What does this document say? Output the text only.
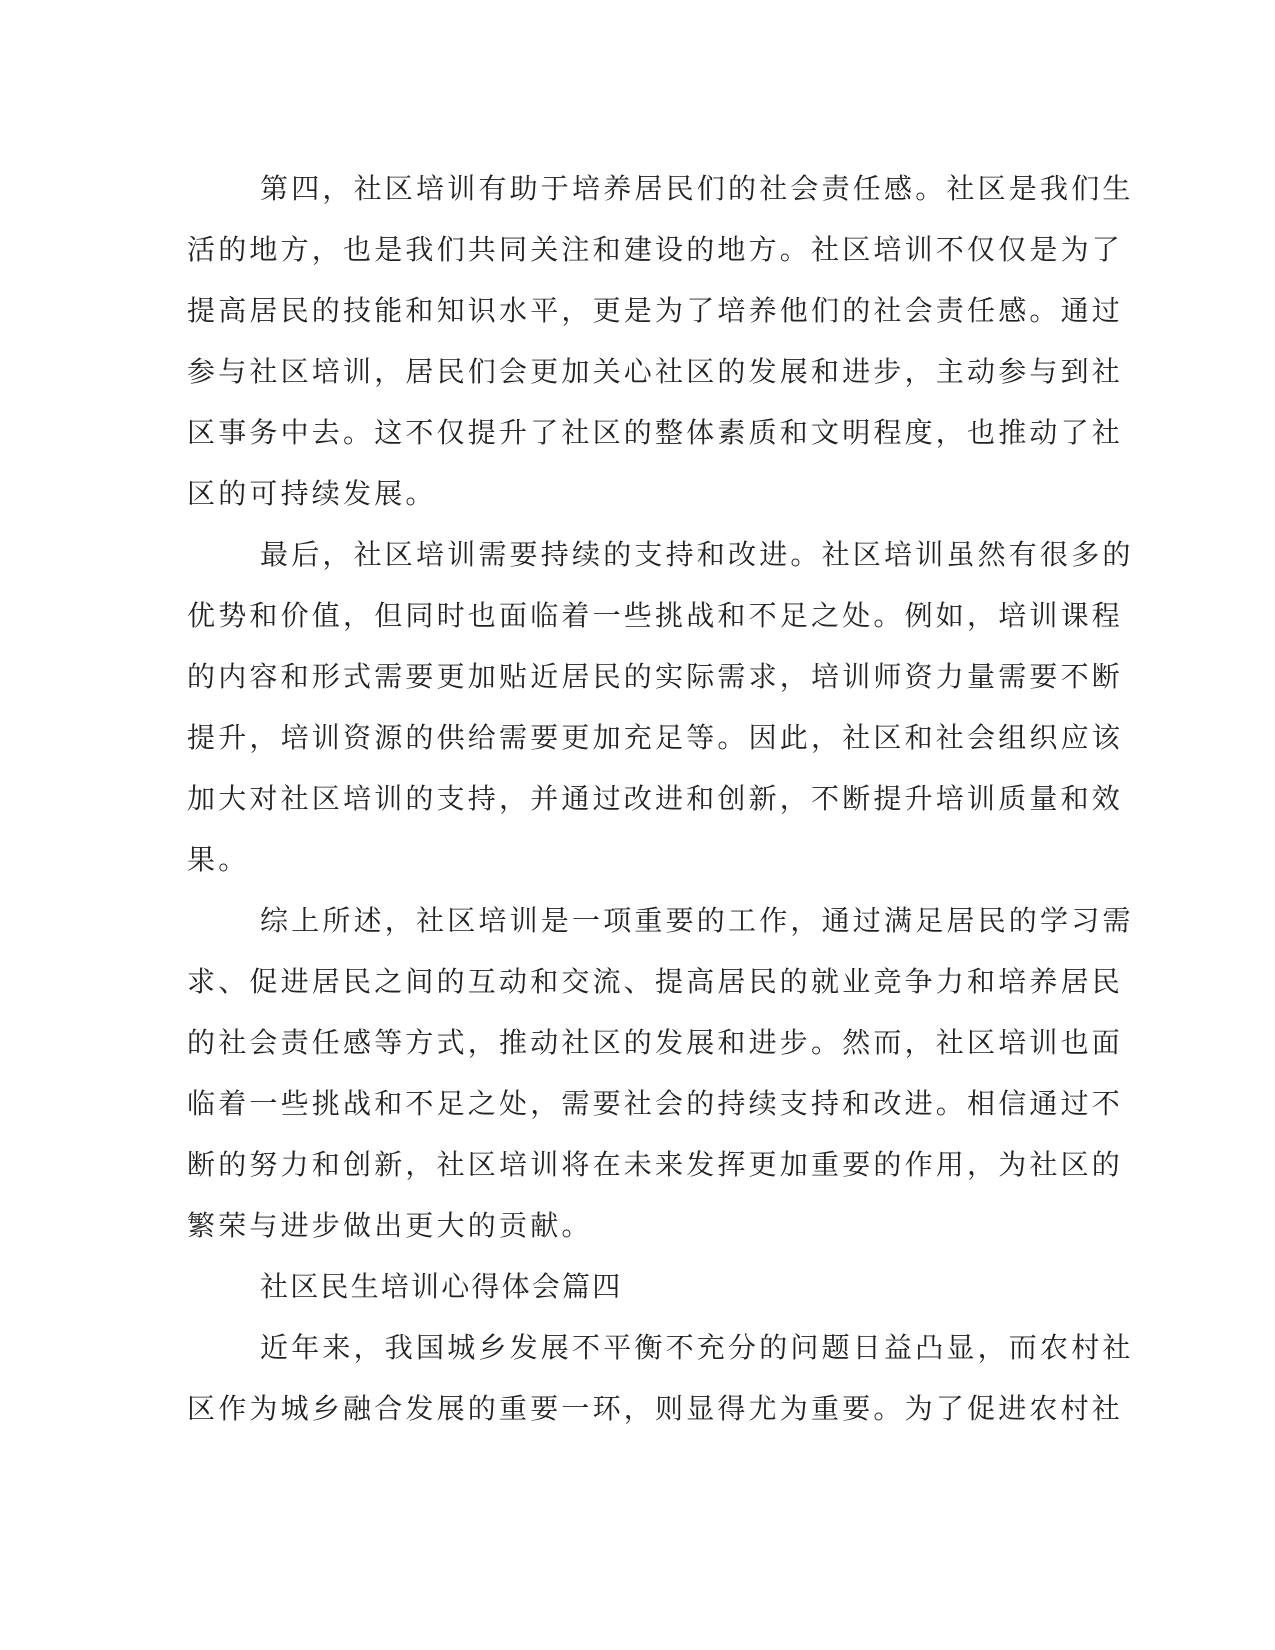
第四，社区培训有助于培养居民们的社会责任感。社区是我们生
活的地方，也是我们共同关注和建设的地方。社区培训不仅仅是为了
提高居民的技能和知识水平，更是为了培养他们的社会责任感。通过
参与社区培训，居民们会更加关心社区的发展和进步，主动参与到社
区事务中去。这不仅提升了社区的整体素质和文明程度，也推动了社
区的可持续发展。
最后，社区培训需要持续的支持和改进。社区培训虽然有很多的
优势和价值，但同时也面临着一些挑战和不足之处。例如，培训课程
的内容和形式需要更加贴近居民的实际需求，培训师资力量需要不断
提升，培训资源的供给需要更加充足等。因此，社区和社会组织应该
加大对社区培训的支持，并通过改进和创新，不断提升培训质量和效
果。
综上所述，社区培训是一项重要的工作，通过满足居民的学习需
求、促进居民之间的互动和交流、提高居民的就业竞争力和培养居民
的社会责任感等方式，推动社区的发展和进步。然而，社区培训也面
临着一些挑战和不足之处，需要社会的持续支持和改进。相信通过不
断的努力和创新，社区培训将在未来发挥更加重要的作用，为社区的
繁荣与进步做出更大的贡献。
社区民生培训心得体会篇四
近年来，我国城乡发展不平衡不充分的问题日益凸显，而农村社
区作为城乡融合发展的重要一环，则显得尤为重要。为了促进农村社
